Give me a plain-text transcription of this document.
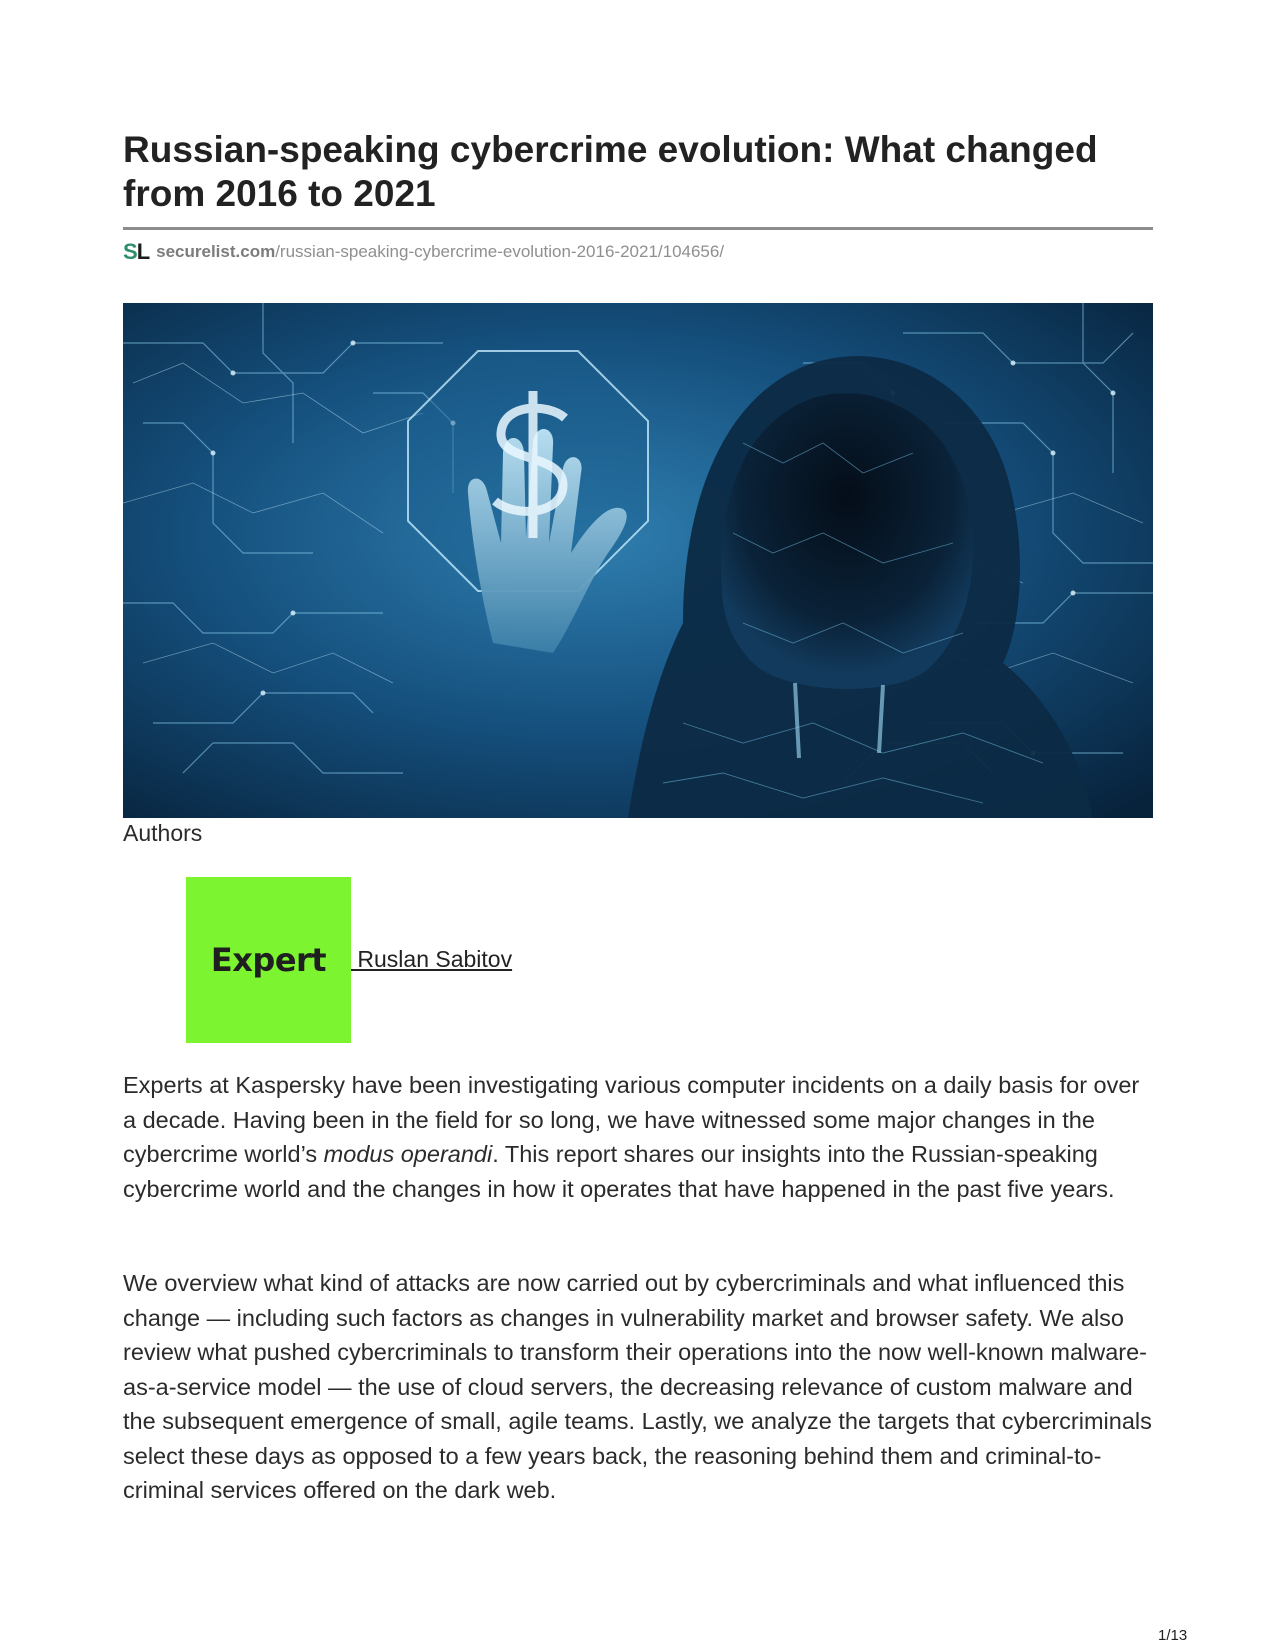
Russian-speaking cybercrime evolution: What changed from 2016 to 2021
SL securelist.com /russian-speaking-cybercrime-evolution-2016-2021/104656/
Authors
Expert Ruslan Sabitov

Experts at Kaspersky have been investigating various computer incidents on a daily basis for over a decade. Having been in the field for so long, we have witnessed some major changes in the cybercrime world’s modus operandi. This report shares our insights into the Russian-speaking cybercrime world and the changes in how it operates that have happened in the past five years.

We overview what kind of attacks are now carried out by cybercriminals and what influenced this change — including such factors as changes in vulnerability market and browser safety. We also review what pushed cybercriminals to transform their operations into the now well-known malware-as-a-service model — the use of cloud servers, the decreasing relevance of custom malware and the subsequent emergence of small, agile teams. Lastly, we analyze the targets that cybercriminals select these days as opposed to a few years back, the reasoning behind them and criminal-to-criminal services offered on the dark web.

1/13
